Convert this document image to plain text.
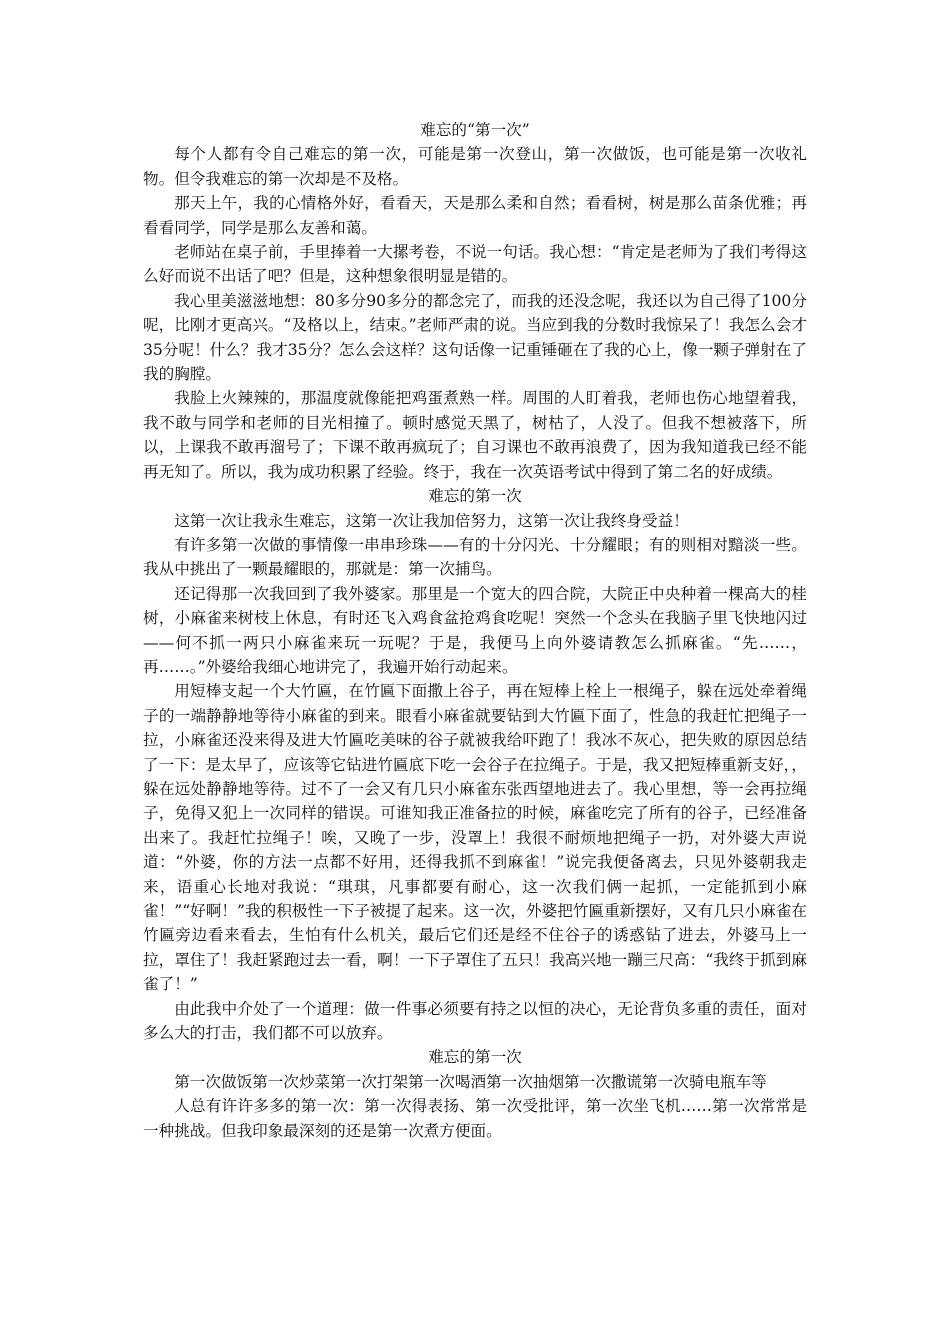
难忘的“第一次”

每个人都有令自己难忘的第一次，可能是第一次登山，第一次做饭，也可能是第一次收礼物。但令我难忘的第一次却是不及格。

那天上午，我的心情格外好，看看天，天是那么柔和自然；看看树，树是那么苗条优雅；再看看同学，同学是那么友善和蔼。

老师站在桌子前，手里捧着一大摞考卷，不说一句话。我心想：“肯定是老师为了我们考得这么好而说不出话了吧？但是，这种想象很明显是错的。

我心里美滋滋地想：80多分90多分的都念完了，而我的还没念呢，我还以为自己得了100分呢，比刚才更高兴。“及格以上，结束。”老师严肃的说。当应到我的分数时我惊呆了！我怎么会才35分呢！什么？我才35分？怎么会这样？这句话像一记重锤砸在了我的心上，像一颗子弹射在了我的胸膛。

我脸上火辣辣的，那温度就像能把鸡蛋煮熟一样。周围的人盯着我，老师也伤心地望着我，我不敢与同学和老师的目光相撞了。顿时感觉天黑了，树枯了，人没了。但我不想被落下，所以，上课我不敢再溜号了；下课不敢再疯玩了；自习课也不敢再浪费了，因为我知道我已经不能再无知了。所以，我为成功积累了经验。终于，我在一次英语考试中得到了第二名的好成绩。

难忘的第一次

这第一次让我永生难忘，这第一次让我加倍努力，这第一次让我终身受益！

有许多第一次做的事情像一串串珍珠——有的十分闪光、十分耀眼；有的则相对黯淡一些。我从中挑出了一颗最耀眼的，那就是：第一次捕鸟。

还记得那一次我回到了我外婆家。那里是一个宽大的四合院，大院正中央种着一棵高大的桂树，小麻雀来树枝上休息，有时还飞入鸡食盆抢鸡食吃呢！突然一个念头在我脑子里飞快地闪过——何不抓一两只小麻雀来玩一玩呢？于是，我便马上向外婆请教怎么抓麻雀。“先……，再……。”外婆给我细心地讲完了，我遍开始行动起来。

用短棒支起一个大竹匾，在竹匾下面撒上谷子，再在短棒上栓上一根绳子，躲在远处牵着绳子的一端静静地等待小麻雀的到来。眼看小麻雀就要钻到大竹匾下面了，性急的我赶忙把绳子一拉，小麻雀还没来得及进大竹匾吃美味的谷子就被我给吓跑了！我冰不灰心，把失败的原因总结了一下：是太早了，应该等它钻进竹匾底下吃一会谷子在拉绳子。于是，我又把短棒重新支好，，躲在远处静静地等待。过不了一会又有几只小麻雀东张西望地进去了。我心里想，等一会再拉绳子，免得又犯上一次同样的错误。可谁知我正准备拉的时候，麻雀吃完了所有的谷子，已经准备出来了。我赶忙拉绳子！唉，又晚了一步，没罩上！我很不耐烦地把绳子一扔，对外婆大声说道：“外婆，你的方法一点都不好用，还得我抓不到麻雀！”说完我便备离去，只见外婆朝我走来，语重心长地对我说：“琪琪，凡事都要有耐心，这一次我们俩一起抓，一定能抓到小麻雀！”“好啊！”我的积极性一下子被提了起来。这一次，外婆把竹匾重新摆好，又有几只小麻雀在竹匾旁边看来看去，生怕有什么机关，最后它们还是经不住谷子的诱惑钻了进去，外婆马上一拉，罩住了！我赶紧跑过去一看，啊！一下子罩住了五只！我高兴地一蹦三尺高：“我终于抓到麻雀了！”

由此我中介处了一个道理：做一件事必须要有持之以恒的决心，无论背负多重的责任，面对多么大的打击，我们都不可以放弃。

难忘的第一次

第一次做饭第一次炒菜第一次打架第一次喝酒第一次抽烟第一次撒谎第一次骑电瓶车等

人总有许许多多的第一次：第一次得表扬、第一次受批评，第一次坐飞机……第一次常常是一种挑战。但我印象最深刻的还是第一次煮方便面。
